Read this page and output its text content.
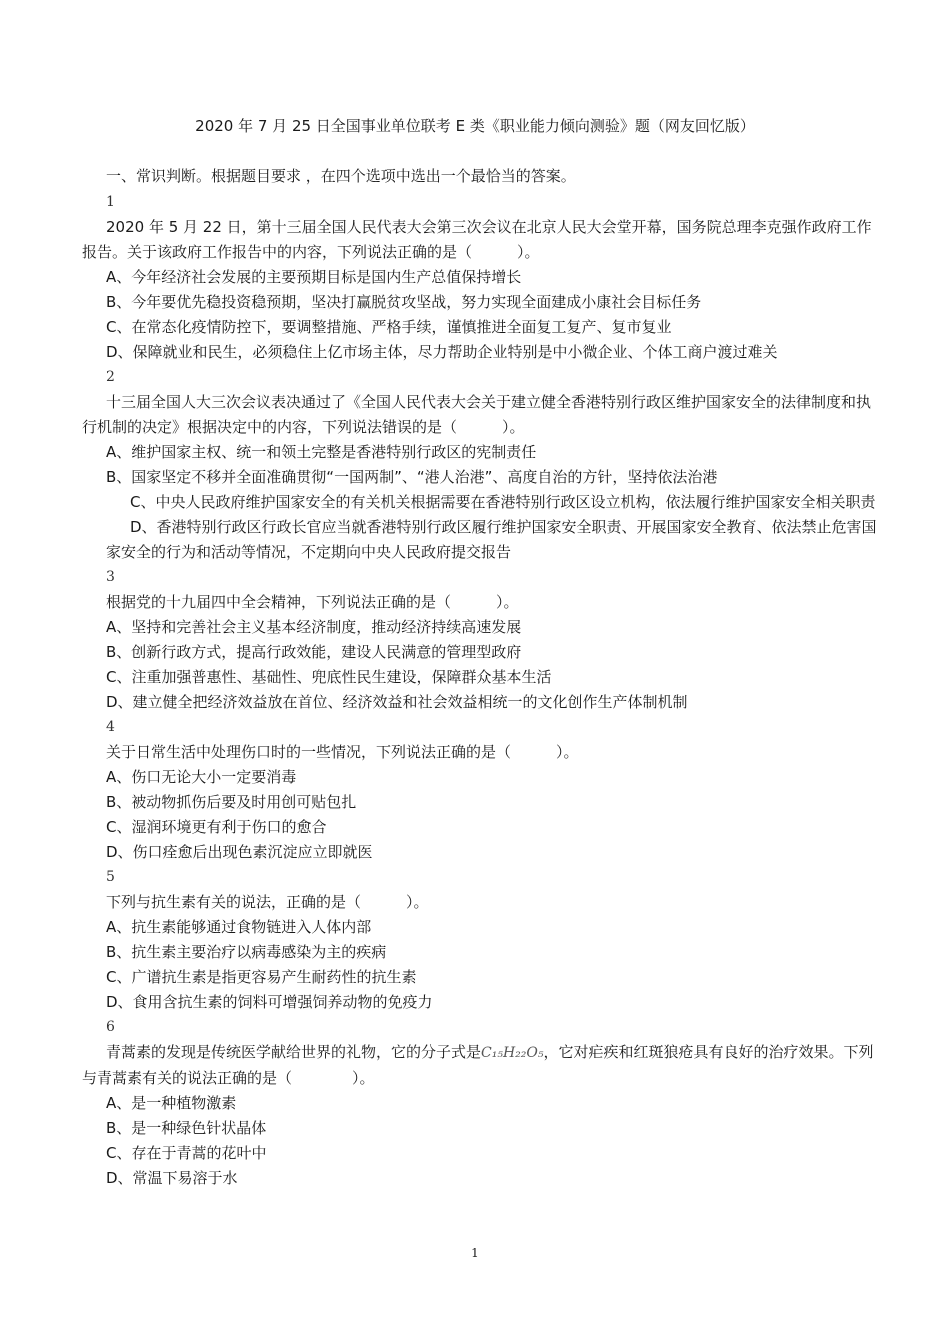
2020 年 7 月 25 日全国事业单位联考 E 类《职业能力倾向测验》题（网友回忆版）
一、常识判断。根据题目要求 ，在四个选项中选出一个最恰当的答案。
1
2020 年 5 月 22 日，第十三届全国人民代表大会第三次会议在北京人民大会堂开幕，国务院总理李克强作政府工作报告。关于该政府工作报告中的内容，下列说法正确的是（　　　）。
A、今年经济社会发展的主要预期目标是国内生产总值保持增长
B、今年要优先稳投资稳预期，坚决打赢脱贫攻坚战，努力实现全面建成小康社会目标任务
C、在常态化疫情防控下，要调整措施、严格手续，谨慎推进全面复工复产、复市复业
D、保障就业和民生，必须稳住上亿市场主体，尽力帮助企业特别是中小微企业、个体工商户渡过难关
2
十三届全国人大三次会议表决通过了《全国人民代表大会关于建立健全香港特别行政区维护国家安全的法律制度和执行机制的决定》根据决定中的内容，下列说法错误的是（　　　）。
A、维护国家主权、统一和领土完整是香港特别行政区的宪制责任
B、国家坚定不移并全面准确贯彻“一国两制”、“港人治港”、高度自治的方针，坚持依法治港
C、中央人民政府维护国家安全的有关机关根据需要在香港特别行政区设立机构，依法履行维护国家安全相关职责
D、香港特别行政区行政长官应当就香港特别行政区履行维护国家安全职责、开展国家安全教育、依法禁止危害国家安全的行为和活动等情况，不定期向中央人民政府提交报告
3
根据党的十九届四中全会精神，下列说法正确的是（　　　）。
A、坚持和完善社会主义基本经济制度，推动经济持续高速发展
B、创新行政方式，提高行政效能，建设人民满意的管理型政府
C、注重加强普惠性、基础性、兜底性民生建设，保障群众基本生活
D、建立健全把经济效益放在首位、经济效益和社会效益相统一的文化创作生产体制机制
4
关于日常生活中处理伤口时的一些情况，下列说法正确的是（　　　）。
A、伤口无论大小一定要消毒
B、被动物抓伤后要及时用创可贴包扎
C、湿润环境更有利于伤口的愈合
D、伤口痊愈后出现色素沉淀应立即就医
5
下列与抗生素有关的说法，正确的是（　　　）。
A、抗生素能够通过食物链进入人体内部
B、抗生素主要治疗以病毒感染为主的疾病
C、广谱抗生素是指更容易产生耐药性的抗生素
D、食用含抗生素的饲料可增强饲养动物的免疫力
6
青蒿素的发现是传统医学献给世界的礼物，它的分子式是C₁₅H₂₂O₅，它对疟疾和红斑狼疮具有良好的治疗效果。下列与青蒿素有关的说法正确的是（　　　　）。
A、是一种植物激素
B、是一种绿色针状晶体
C、存在于青蒿的花叶中
D、常温下易溶于水
1
